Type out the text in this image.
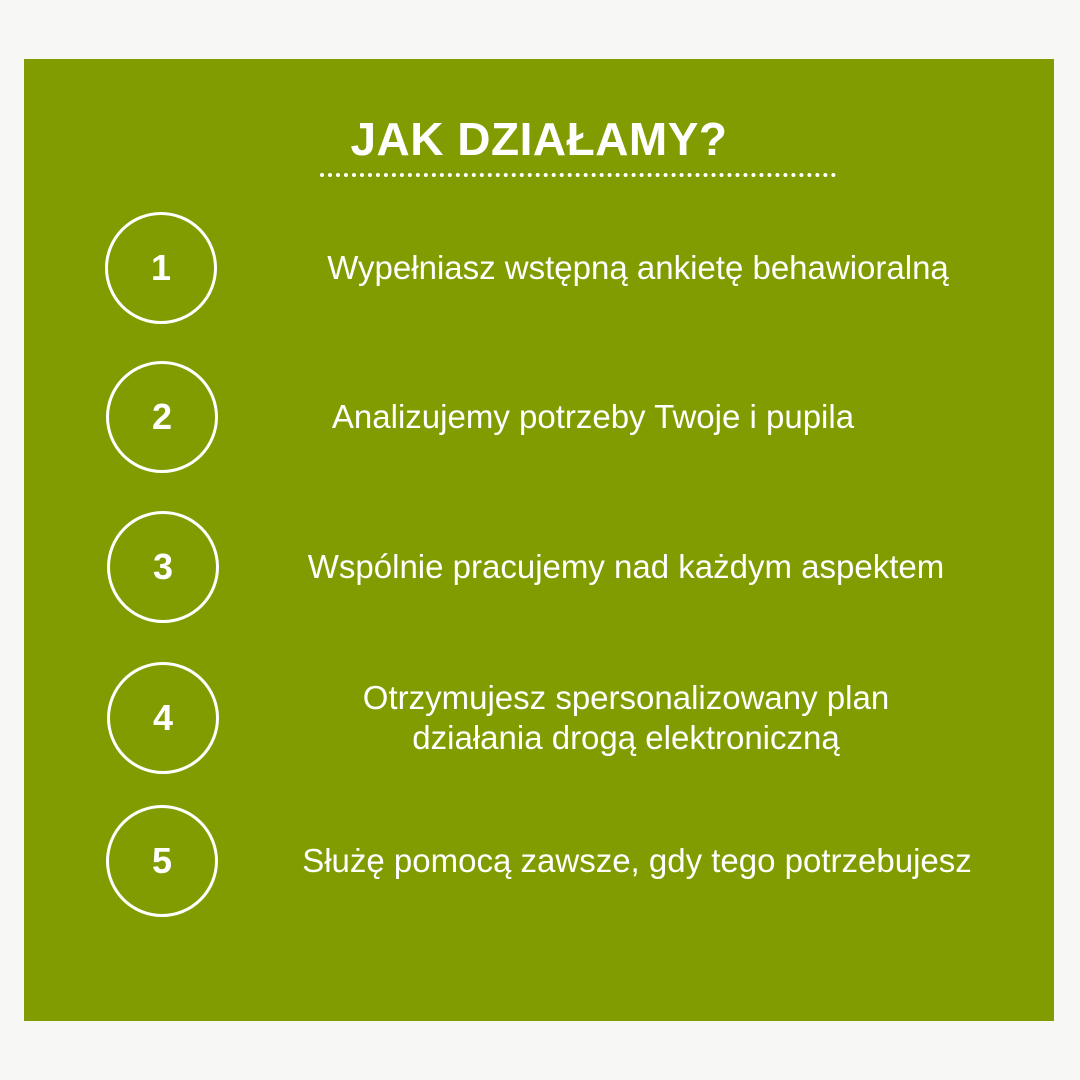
JAK DZIAŁAMY?
1	Wypełniasz wstępną ankietę behawioralną
2	Analizujemy potrzeby Twoje i pupila
3	Wspólnie pracujemy nad każdym aspektem
4	Otrzymujesz spersonalizowany plan działania drogą elektroniczną
5	Służę pomocą zawsze, gdy tego potrzebujesz
